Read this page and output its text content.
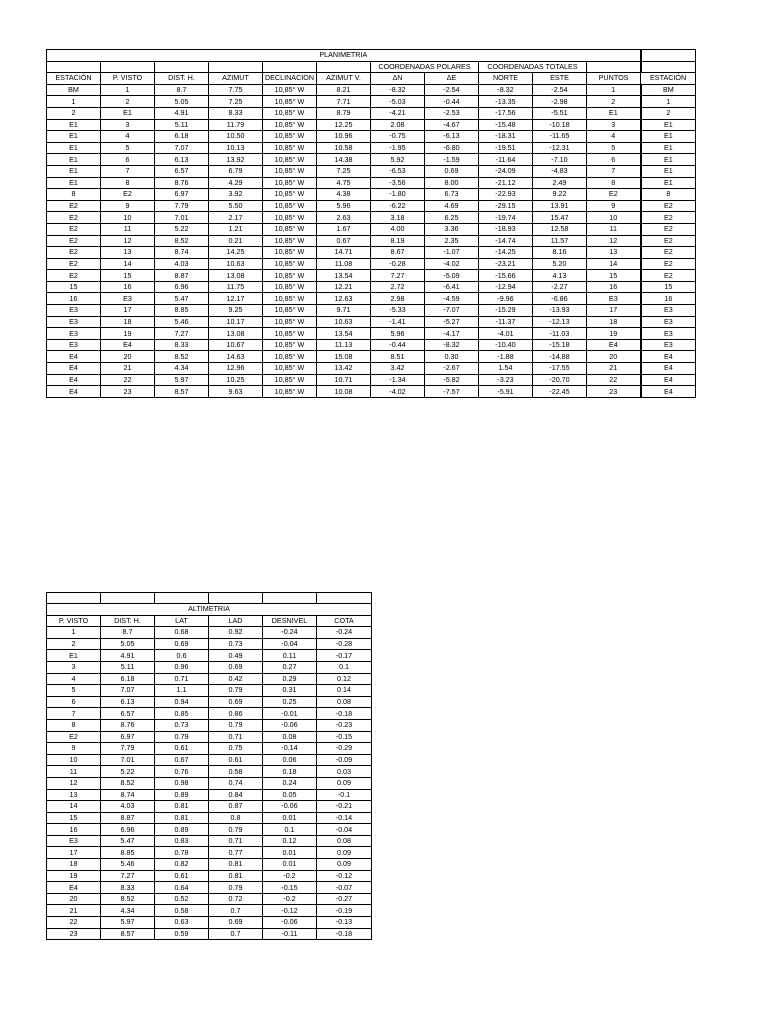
PLANIMETRIA											
						COORDENADAS POLARES		COORDENADAS TOTALES			
ESTACIÓN	P. VISTO	DIST. H.	AZIMUT	DECLINACION	AZIMUT V.	ΔN	ΔE	NORTE	ESTE	PUNTOS	ESTACIÓN
BM	1	8.7	7.75	10,85° W	8.21	-8.32	-2.54	-8.32	-2.54	1	BM
1	2	5.05	7.25	10,85° W	7.71	-5.03	-0.44	-13.35	-2.98	2	1
2	E1	4.91	8.33	10,85° W	8.79	-4.21	-2.53	-17.56	-5.51	E1	2
E1	3	5.11	11.79	10,85° W	12.25	2.08	-4.67	-15.48	-10.18	3	E1
E1	4	6.18	10.50	10,85° W	10.96	-0.75	-6.13	-18.31	-11.65	4	E1
E1	5	7.07	10.13	10,85° W	10.58	-1.95	-6.80	-19.51	-12.31	5	E1
E1	6	6.13	13.92	10,85° W	14.38	5.92	-1.59	-11.64	-7.10	6	E1
E1	7	6.57	6.79	10,85° W	7.25	-6.53	0.69	-24.09	-4.83	7	E1
E1	8	8.76	4.29	10,85° W	4.75	-3.56	8.00	-21.12	2.49	8	E1
8	E2	6.97	3.92	10,85° W	4.38	-1.80	6.73	-22.93	9.22	E2	8
E2	9	7.79	5.50	10,85° W	5.96	-6.22	4.69	-29.15	13.91	9	E2
E2	10	7.01	2.17	10,85° W	2.63	3.18	6.25	-19.74	15.47	10	E2
E2	11	5.22	1.21	10,85° W	1.67	4.00	3.36	-18.93	12.58	11	E2
E2	12	8.52	0.21	10,85° W	0.67	8.19	2.35	-14.74	11.57	12	E2
E2	13	8.74	14.25	10,85° W	14.71	8.67	-1.07	-14.25	8.16	13	E2
E2	14	4.03	10.63	10,85° W	11.08	-0.28	-4.02	-23.21	5.20	14	E2
E2	15	8.87	13.08	10,85° W	13.54	7.27	-5.09	-15.66	4.13	15	E2
15	16	6.96	11.75	10,85° W	12.21	2.72	-6.41	-12.94	-2.27	16	15
16	E3	5.47	12.17	10,85° W	12.63	2.98	-4.59	-9.96	-6.86	E3	16
E3	17	8.85	9.25	10,85° W	9.71	-5.33	-7.07	-15.29	-13.93	17	E3
E3	18	5.46	10.17	10,85° W	10.63	-1.41	-5.27	-11.37	-12.13	18	E3
E3	19	7.27	13.08	10,85° W	13.54	5.96	-4.17	-4.01	-11.03	19	E3
E3	E4	8.33	10.67	10,85° W	11.13	-0.44	-8.32	-10.40	-15.18	E4	E3
E4	20	8.52	14.63	10,85° W	15.08	8.51	0.30	-1.88	-14.88	20	E4
E4	21	4.34	12.96	10,85° W	13.42	3.42	-2.67	1.54	-17.55	21	E4
E4	22	5.97	10.25	10,85° W	10.71	-1.34	-5.82	-3.23	-20.70	22	E4
E4	23	8.57	9.63	10,85° W	10.08	-4.02	-7.57	-5.91	-22.45	23	E4

ALTIMETRIA					
P. VISTO	DIST. H.	LAT	LAD	DESNIVEL	COTA
1	8.7	0.68	0.92	-0.24	-0.24
2	5.05	0.69	0.73	-0.04	-0.28
E1	4.91	0.6	0.49	0.11	-0.17
3	5.11	0.96	0.69	0.27	0.1
4	6.18	0.71	0.42	0.29	0.12
5	7.07	1.1	0.79	0.31	0.14
6	6.13	0.94	0.69	0.25	0.08
7	6.57	0.85	0.86	-0.01	-0.18
8	8.76	0.73	0.79	-0.06	-0.23
E2	6.97	0.79	0.71	0.08	-0.15
9	7.79	0.61	0.75	-0.14	-0.29
10	7.01	0.67	0.61	0.06	-0.09
11	5.22	0.76	0.58	0.18	0.03
12	8.52	0.98	0.74	0.24	0.09
13	8.74	0.89	0.84	0.05	-0.1
14	4.03	0.81	0.87	-0.06	-0.21
15	8.87	0.81	0.8	0.01	-0.14
16	6.96	0.89	0.79	0.1	-0.04
E3	5.47	0.83	0.71	0.12	0.08
17	8.85	0.78	0.77	0.01	0.09
18	5.46	0.82	0.81	0.01	0.09
19	7.27	0.61	0.81	-0.2	-0.12
E4	8.33	0.64	0.79	-0.15	-0.07
20	8.52	0.52	0.72	-0.2	-0.27
21	4.34	0.58	0.7	-0.12	-0.19
22	5.97	0.63	0.69	-0.06	-0.13
23	8.57	0.59	0.7	-0.11	-0.18
